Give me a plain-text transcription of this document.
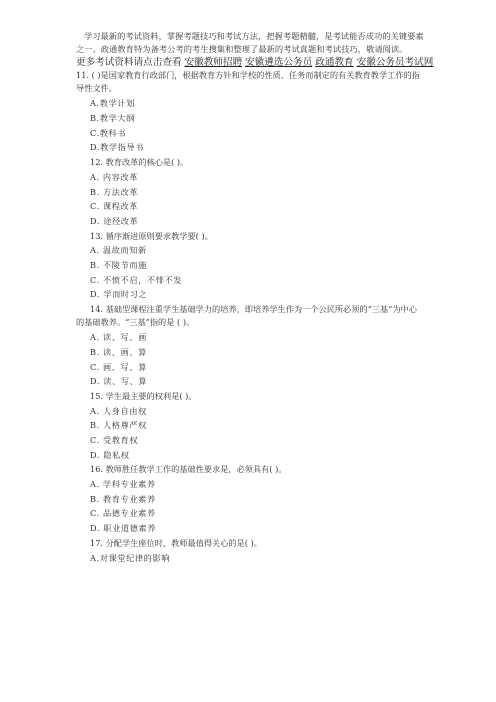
学习最新的考试资料，掌握考题技巧和考试方法，把握考题精髓，是考试能否成功的关键要素之一。政通教育特为备考公考的考生搜集和整理了最新的考试真题和考试技巧，敬请阅读。

更多考试资料请点击查看 安徽教师招聘 安徽遴选公务员 政通教育 安徽公务员考试网

11. ( )是国家教育行政部门，根据教育方针和学校的性质、任务而制定的有关教育教学工作的指导性文件。

A.教学计划
B.教学大纲
C.教科书
D.教学指导书
12. 教育改革的核心是( )。
A. 内容改革
B. 方法改革
C. 课程改革
D. 途径改革
13. 循序渐进原则要求教学要( )。
A. 温故而知新
B. 不陵节而施
C. 不愤不启，不悱不发
D. 学而时习之
14. 基础型课程注重学生基础学力的培养，即培养学生作为一个公民所必须的“三基”为中心的基础教养。“三基”指的是 ( )。
A. 读、写、画
B. 读、画、算
C. 画、写、算
D. 读、写、算
15. 学生最主要的权利是( )。
A. 人身自由权
B. 人格尊严权
C. 受教育权
D. 隐私权
16. 教师胜任教学工作的基础性要求是，必须具有( )。
A. 学科专业素养
B. 教育专业素养
C. 品德专业素养
D. 职业道德素养
17. 分配学生座位时，教师最值得关心的是( )。
A.对课堂纪律的影响
